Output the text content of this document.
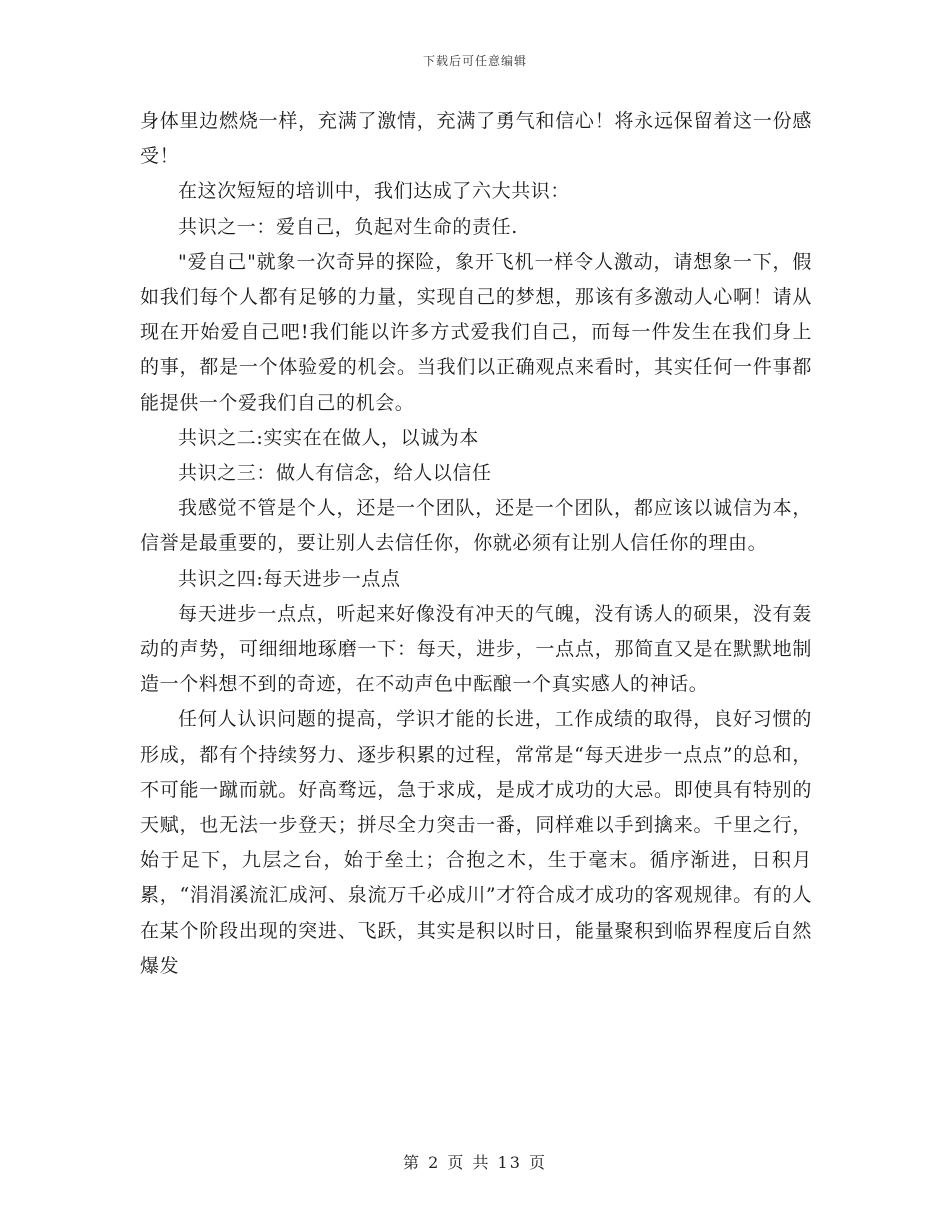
下载后可任意编辑

身体里边燃烧一样，充满了激情，充满了勇气和信心！将永远保留着这一份感受！

在这次短短的培训中，我们达成了六大共识：

共识之一：爱自己，负起对生命的责任.

"爱自己"就象一次奇异的探险，象开飞机一样令人激动，请想象一下，假如我们每个人都有足够的力量，实现自己的梦想，那该有多激动人心啊！请从现在开始爱自己吧!我们能以许多方式爱我们自己，而每一件发生在我们身上的事，都是一个体验爱的机会。当我们以正确观点来看时，其实任何一件事都能提供一个爱我们自己的机会。

共识之二:实实在在做人，以诚为本

共识之三：做人有信念，给人以信任

我感觉不管是个人，还是一个团队，还是一个团队，都应该以诚信为本，信誉是最重要的，要让别人去信任你，你就必须有让别人信任你的理由。

共识之四:每天进步一点点

每天进步一点点，听起来好像没有冲天的气魄，没有诱人的硕果，没有轰动的声势，可细细地琢磨一下：每天，进步，一点点，那简直又是在默默地制造一个料想不到的奇迹，在不动声色中酝酿一个真实感人的神话。

任何人认识问题的提高，学识才能的长进，工作成绩的取得，良好习惯的形成，都有个持续努力、逐步积累的过程，常常是“每天进步一点点”的总和，不可能一蹴而就。好高骛远，急于求成，是成才成功的大忌。即使具有特别的天赋，也无法一步登天；拼尽全力突击一番，同样难以手到擒来。千里之行，始于足下，九层之台，始于垒土；合抱之木，生于毫末。循序渐进，日积月累，“涓涓溪流汇成河、泉流万千必成川”才符合成才成功的客观规律。有的人在某个阶段出现的突进、飞跃，其实是积以时日，能量聚积到临界程度后自然爆发

第 2 页 共 13 页
